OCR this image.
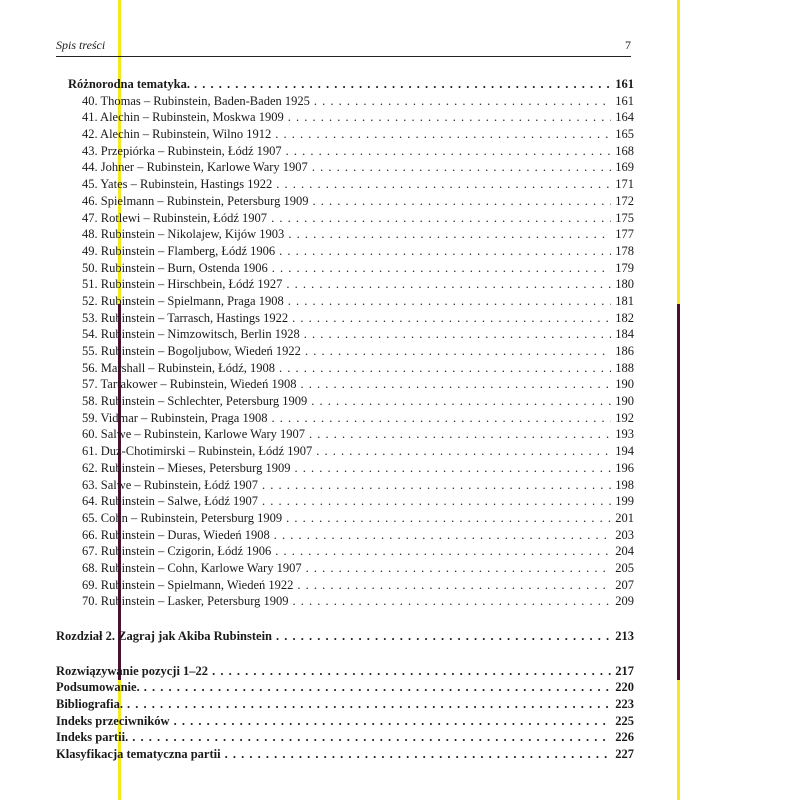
Spis treści	7
Różnorodna tematyka. . . .	161
40. Thomas – Rubinstein, Baden-Baden 1925 . . .	161
41. Alechin – Rubinstein, Moskwa 1909 . . .	164
42. Alechin – Rubinstein, Wilno 1912 . . .	165
43. Przepiórka – Rubinstein, Łódź 1907 . . .	168
44. Johner – Rubinstein, Karlowe Wary 1907 . . .	169
45. Yates – Rubinstein, Hastings 1922 . . .	171
46. Spielmann – Rubinstein, Petersburg 1909 . . .	172
47. Rotlewi – Rubinstein, Łódź 1907 . . .	175
48. Rubinstein – Nikolajew, Kijów 1903 . . .	177
49. Rubinstein – Flamberg, Łódź 1906 . . .	178
50. Rubinstein – Burn, Ostenda 1906 . . .	179
51. Rubinstein – Hirschbein, Łódź 1927 . . .	180
52. Rubinstein – Spielmann, Praga 1908 . . .	181
53. Rubinstein – Tarrasch, Hastings 1922 . . .	182
54. Rubinstein – Nimzowitsch, Berlin 1928 . . .	184
55. Rubinstein – Bogoljubow, Wiedeń 1922 . . .	186
56. Marshall – Rubinstein, Łódź, 1908 . . .	188
57. Tartakower – Rubinstein, Wiedeń 1908 . . .	190
58. Rubinstein – Schlechter, Petersburg 1909 . . .	190
59. Vidmar – Rubinstein, Praga 1908 . . .	192
60. Salwe – Rubinstein, Karlowe Wary 1907 . . .	193
61. Duz-Chotimirski – Rubinstein, Łódź 1907 . . .	194
62. Rubinstein – Mieses, Petersburg 1909 . . .	196
63. Salwe – Rubinstein, Łódź 1907 . . .	198
64. Rubinstein – Salwe, Łódź 1907 . . .	199
65. Cohn – Rubinstein, Petersburg 1909 . . .	201
66. Rubinstein – Duras, Wiedeń 1908 . . .	203
67. Rubinstein – Czigorin, Łódź 1906 . . .	204
68. Rubinstein – Cohn, Karlowe Wary 1907 . . .	205
69. Rubinstein – Spielmann, Wiedeń 1922 . . .	207
70. Rubinstein – Lasker, Petersburg 1909 . . .	209
Rozdział 2. Zagraj jak Akiba Rubinstein . . .	213
Rozwiązywanie pozycji 1–22 . . .	217
Podsumowanie. . . .	220
Bibliografia. . . .	223
Indeks przeciwników . . .	225
Indeks partii. . . .	226
Klasyfikacja tematyczna partii . . .	227
